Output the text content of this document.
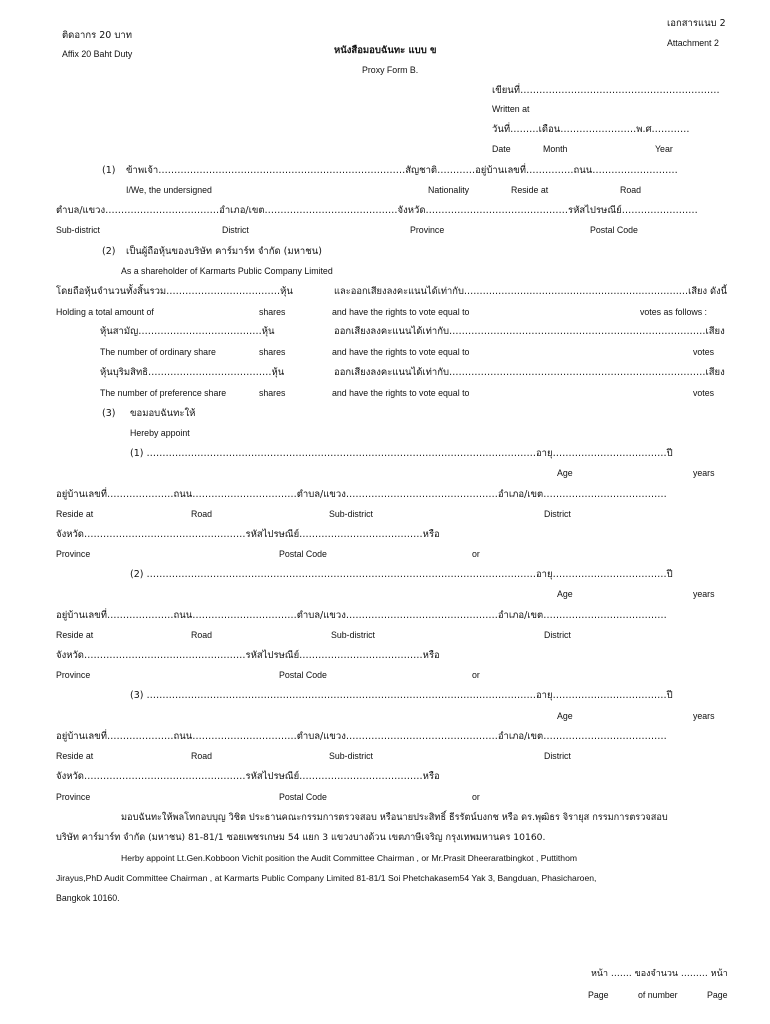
ติดอากร 20 บาท
Affix 20 Baht Duty
เอกสารแนบ 2
Attachment 2
หนังสือมอบฉันทะ แบบ ข
Proxy Form B.
เขียนที่………………………………………………………
Written at
วันที่………เดือน……………………พ.ศ…………
Date	Month	Year
(1) ข้าพเจ้า……………………………………………………………………สัญชาติ…………อยู่บ้านเลขที่……………ถนน………………………
I/We, the undersigned	Nationality	Reside at	Road
ตำบล/แขวง………………………………อำเภอ/เขต……………………………………จังหวัด………………………………………รหัสไปรษณีย์……………………
Sub-district	District	Province	Postal Code
(2) เป็นผู้ถือหุ้นของบริษัท คาร์มาร์ท จำกัด (มหาชน)
As a shareholder of Karmarts Public Company Limited
โดยถือหุ้นจำนวนทั้งสิ้นรวม………………………………หุ้น	และออกเสียงลงคะแนนได้เท่ากับ………………………………………………………………เสียง ดังนี้
Holding a total amount of	shares	and have the rights to vote equal to	votes as follows :
หุ้นสามัญ…………………………………หุ้น	ออกเสียงลงคะแนนได้เท่ากับ………………………………………………………………………เสียง
The number of ordinary share	shares	and have the rights to vote equal to	votes
หุ้นบุริมสิทธิ…………………………………หุ้น	ออกเสียงลงคะแนนได้เท่ากับ………………………………………………………………………เสียง
The number of preference share	shares	and have the rights to vote equal to	votes
(3) ขอมอบฉันทะให้
Hereby appoint
(1) ……………………………………………………………………………………………………………อายุ………………………………ปี
Age	years
อยู่บ้านเลขที่…………………ถนน……………………………ตำบล/แขวง…………………………………………อำเภอ/เขต…………………………………
Reside at	Road	Sub-district	District
จังหวัด……………………………………………รหัสไปรษณีย์…………………………………หรือ
Province	Postal Code	or
(2) ……………………………………………………………………………………………………………อายุ………………………………ปี
Age	years
อยู่บ้านเลขที่…………………ถนน……………………………ตำบล/แขวง…………………………………………อำเภอ/เขต…………………………………
Reside at	Road	Sub-district	District
จังหวัด……………………………………………รหัสไปรษณีย์…………………………………หรือ
Province	Postal Code	or
(3) ……………………………………………………………………………………………………………อายุ………………………………ปี
Age	years
อยู่บ้านเลขที่…………………ถนน……………………………ตำบล/แขวง…………………………………………อำเภอ/เขต…………………………………
Reside at	Road	Sub-district	District
จังหวัด……………………………………………รหัสไปรษณีย์…………………………………หรือ
Province	Postal Code	or
มอบฉันทะให้พลโทกอบบุญ วิชิต ประธานคณะกรรมการตรวจสอบ หรือนายประสิทธิ์ ธีรรัตน์บงกช หรือ ดร.พุฒิธร จิรายุส กรรมการตรวจสอบ
บริษัท คาร์มาร์ท จำกัด (มหาชน) 81-81/1 ซอยเพชรเกษม 54 แยก 3 แขวงบางด้วน เขตภาษีเจริญ กรุงเทพมหานคร 10160.
Herby appoint Lt.Gen.Kobboon Vichit position the Audit Committee Chairman , or Mr.Prasit Dheeraratbingkot , Puttithom
Jirayus,PhD Audit Committee Chairman , at Karmarts Public Company Limited 81-81/1 Soi Phetchakasem54 Yak 3, Bangduan, Phasicharoen,
Bangkok 10160.
หน้า ……. ของจำนวน ……… หน้า
Page	of number	Page
